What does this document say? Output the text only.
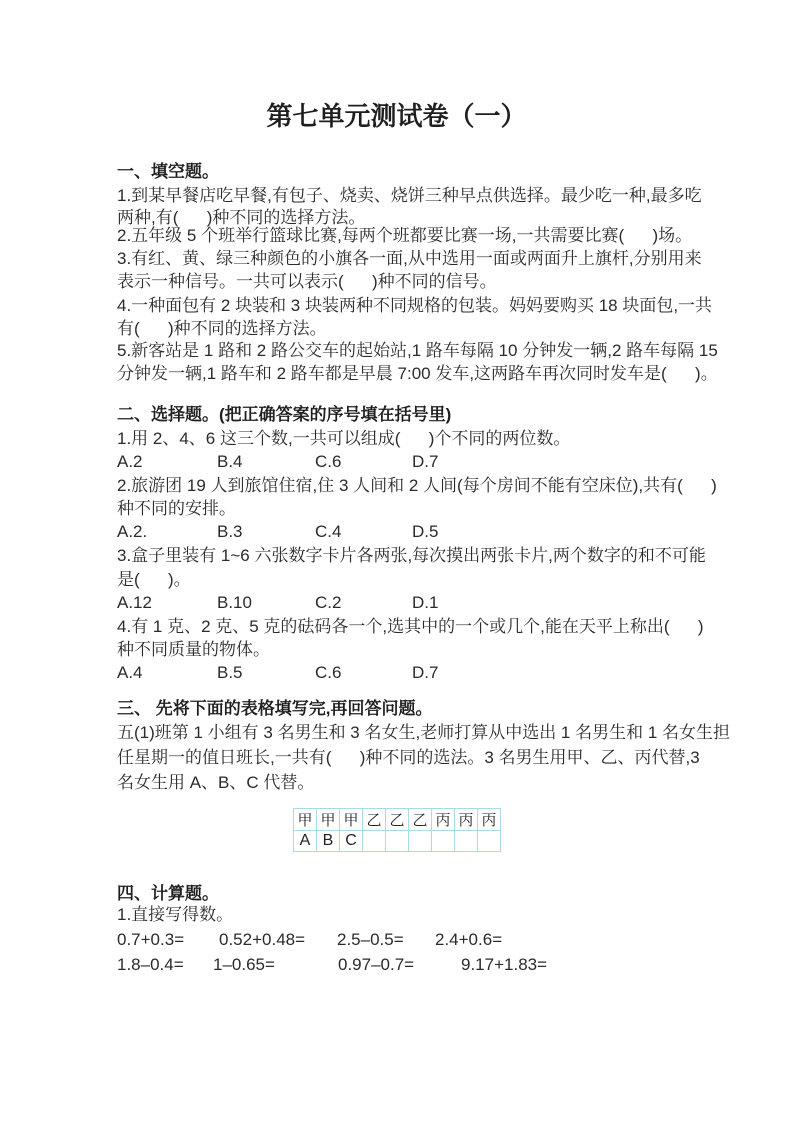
第七单元测试卷（一）
一、填空题。
1.到某早餐店吃早餐,有包子、烧卖、烧饼三种早点供选择。最少吃一种,最多吃
两种,有(      )种不同的选择方法。
2.五年级 5 个班举行篮球比赛,每两个班都要比赛一场,一共需要比赛(      )场。
3.有红、黄、绿三种颜色的小旗各一面,从中选用一面或两面升上旗杆,分别用来
表示一种信号。一共可以表示(      )种不同的信号。
4.一种面包有 2 块装和 3 块装两种不同规格的包装。妈妈要购买 18 块面包,一共
有(      )种不同的选择方法。
5.新客站是 1 路和 2 路公交车的起始站,1 路车每隔 10 分钟发一辆,2 路车每隔 15
分钟发一辆,1 路车和 2 路车都是早晨 7:00 发车,这两路车再次同时发车是(      )。
二、选择题。(把正确答案的序号填在括号里)
1.用 2、4、6 这三个数,一共可以组成(      )个不同的两位数。

A.2

	B.4

	C.6

	D.7

2.旅游团 19 人到旅馆住宿,住 3 人间和 2 人间(每个房间不能有空床位),共有(      )
种不同的安排。

A.2.

	B.3

	C.4

	D.5

3.盒子里装有 1~6 六张数字卡片各两张,每次摸出两张卡片,两个数字的和不可能
是(      )。

A.12

	B.10

	C.2

	D.1

4.有 1 克、2 克、5 克的砝码各一个,选其中的一个或几个,能在天平上称出(      )
种不同质量的物体。

A.4

	B.5

	C.6

	D.7

三、 先将下面的表格填写完,再回答问题。
五(1)班第 1 小组有 3 名男生和 3 名女生,老师打算从中选出 1 名男生和 1 名女生担
任星期一的值日班长,一共有(      )种不同的选法。3 名男生用甲、乙、丙代替,3
名女生用 A、B、C 代替。
甲	甲	甲	乙	乙	乙	丙	丙	丙
A	B	C						
四、计算题。
1.直接写得数。

0.7+0.3=

0.52+0.48=

2.5–0.5=

2.4+0.6=

1.8–0.4=

1–0.65=

	0.97–0.7=

	9.17+1.83=
